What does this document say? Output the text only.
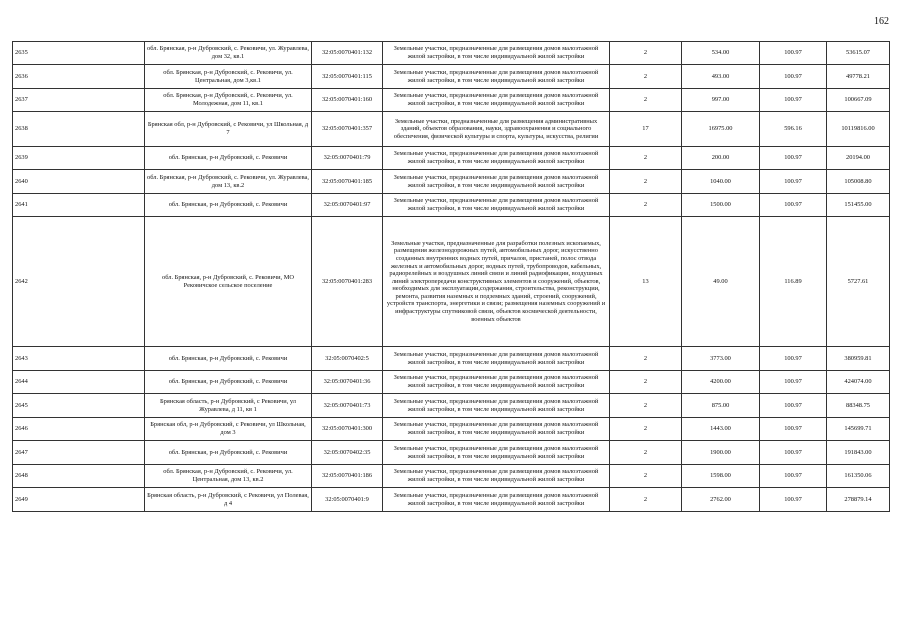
162
2635	обл. Брянская, р-н Дубровский, с. Рековичи, ул. Журавлева, дом 32, кв.1	32:05:0070401:132	Земельные участки, предназначенные для размещения домов малоэтажной жилой застройки, в том числе индивидуальной жилой застройки	2	534.00	100.97	53615.07
2636	обл. Брянская, р-н Дубровский, с. Рековичи, ул. Центральная, дом 3,кв.1	32:05:0070401:115	Земельные участки, предназначенные для размещения домов малоэтажной жилой застройки, в том числе индивидуальной жилой застройки	2	493.00	100.97	49778.21
2637	обл. Брянская, р-н Дубровский, с. Рековичи, ул. Молодежная, дом 11, кв.1	32:05:0070401:160	Земельные участки, предназначенные для размещения домов малоэтажной жилой застройки, в том числе индивидуальной жилой застройки	2	997.00	100.97	100667.09
2638	Брянская обл, р-н Дубровский, с Рековичи, ул Школьная, д 7	32:05:0070401:357	Земельные участки, предназначенные для размещения административных зданий, объектов образования, науки, здравоохранения и социального обеспечения, физической культуры и спорта, культуры, искусства, религии	17	16975.00	596.16	10119816.00
2639	обл. Брянская, р-н Дубровский, с. Рековичи	32:05:0070401:79	Земельные участки, предназначенные для размещения домов малоэтажной жилой застройки, в том числе индивидуальной жилой застройки	2	200.00	100.97	20194.00
2640	обл. Брянская, р-н Дубровский, с. Рековичи, ул. Журавлева, дом 13, кв.2	32:05:0070401:185	Земельные участки, предназначенные для размещения домов малоэтажной жилой застройки, в том числе индивидуальной жилой застройки	2	1040.00	100.97	105008.80
2641	обл. Брянская, р-н Дубровский, с. Рековичи	32:05:0070401:97	Земельные участки, предназначенные для размещения домов малоэтажной жилой застройки, в том числе индивидуальной жилой застройки	2	1500.00	100.97	151455.00
2642	обл. Брянская, р-н Дубровский, с. Рековичи, МО Рековичское сельское поселение	32:05:0070401:283	Земельные участки, предназначенные для разработки полезных ископаемых, размещения железнодорожных путей, автомобильных дорог, искусственно созданных внутренних водных путей, причалов, пристаней, полос отвода железных и автомобильных дорог, водных путей, трубопроводов, кабельных, радиорелейных и воздушных линий связи и линий радиофикации, воздушных линий электропередачи конструктивных элементов и сооружений, объектов, необходимых для эксплуатации,содержания, строительства, реконструкции, ремонта, развития наземных и подземных зданий, строений, сооружений, устройств транспорта, энергетики и связи; размещения наземных сооружений и инфраструктуры спутниковой связи, объектов космической деятельности, военных объектов	13	49.00	116.89	5727.61
2643	обл. Брянская, р-н Дубровский, с. Рековичи	32:05:0070402:5	Земельные участки, предназначенные для размещения домов малоэтажной жилой застройки, в том числе индивидуальной жилой застройки	2	3773.00	100.97	380959.81
2644	обл. Брянская, р-н Дубровский, с. Рековичи	32:05:0070401:36	Земельные участки, предназначенные для размещения домов малоэтажной жилой застройки, в том числе индивидуальной жилой застройки	2	4200.00	100.97	424074.00
2645	Брянская область, р-н Дубровский, с Рековичи, ул Журавлева, д 11, кв 1	32:05:0070401:73	Земельные участки, предназначенные для размещения домов малоэтажной жилой застройки, в том числе индивидуальной жилой застройки	2	875.00	100.97	88348.75
2646	Брянская обл, р-н Дубровский, с Рековичи, ул Школьная, дом 3	32:05:0070401:300	Земельные участки, предназначенные для размещения домов малоэтажной жилой застройки, в том числе индивидуальной жилой застройки	2	1443.00	100.97	145699.71
2647	обл. Брянская, р-н Дубровский, с. Рековичи	32:05:0070402:35	Земельные участки, предназначенные для размещения домов малоэтажной жилой застройки, в том числе индивидуальной жилой застройки	2	1900.00	100.97	191843.00
2648	обл. Брянская, р-н Дубровский, с. Рековичи, ул. Центральная, дом 13, кв.2	32:05:0070401:186	Земельные участки, предназначенные для размещения домов малоэтажной жилой застройки, в том числе индивидуальной жилой застройки	2	1598.00	100.97	161350.06
2649	Брянская область, р-н Дубровский, с Рековичи, ул Полевая, д 4	32:05:0070401:9	Земельные участки, предназначенные для размещения домов малоэтажной жилой застройки, в том числе индивидуальной жилой застройки	2	2762.00	100.97	278879.14
